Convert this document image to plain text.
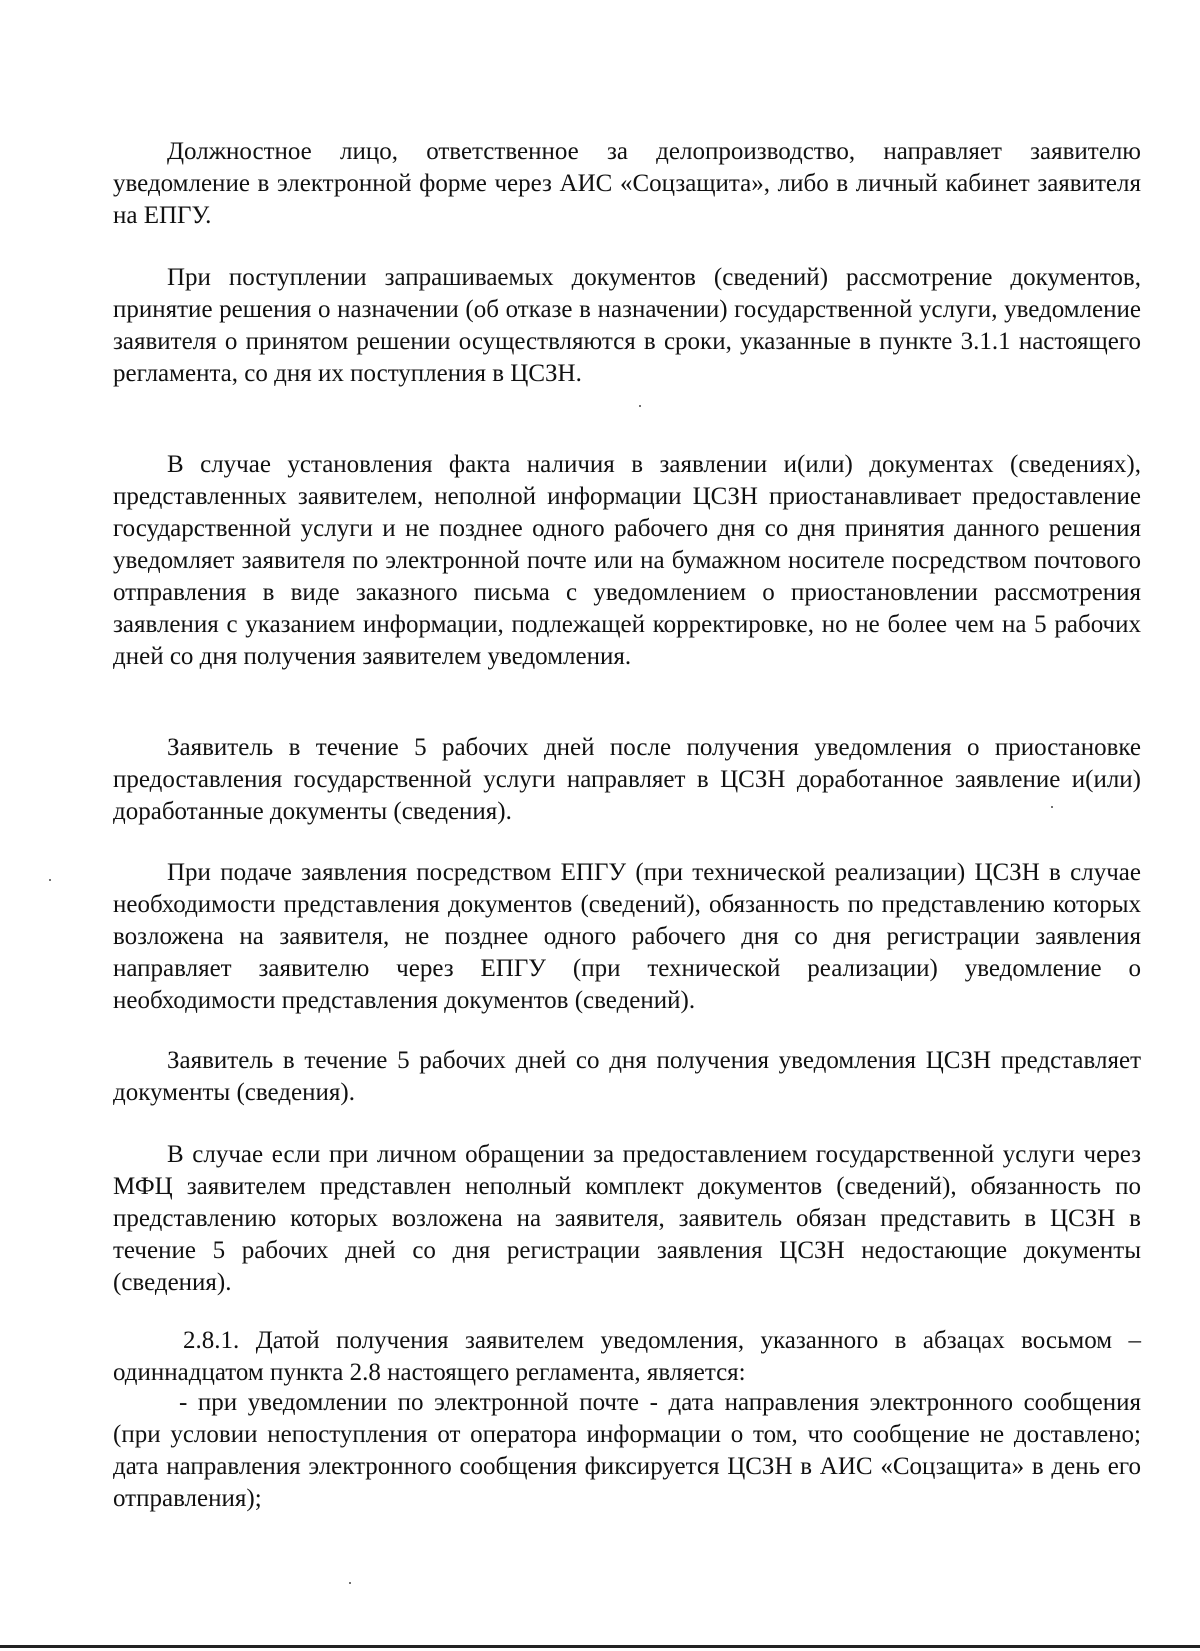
Должностное лицо, ответственное за делопроизводство, направляет заявителю уведомление в электронной форме через АИС «Соцзащита», либо в личный кабинет заявителя на ЕПГУ.

При поступлении запрашиваемых документов (сведений) рассмотрение документов, принятие решения о назначении (об отказе в назначении) государственной услуги, уведомление заявителя о принятом решении осуществляются в сроки, указанные в пункте 3.1.1 настоящего регламента, со дня их поступления в ЦСЗН.

В случае установления факта наличия в заявлении и(или) документах (сведениях), представленных заявителем, неполной информации ЦСЗН приостанавливает предоставление государственной услуги и не позднее одного рабочего дня со дня принятия данного решения уведомляет заявителя по электронной почте или на бумажном носителе посредством почтового отправления в виде заказного письма с уведомлением о приостановлении рассмотрения заявления с указанием информации, подлежащей корректировке, но не более чем на 5 рабочих дней со дня получения заявителем уведомления.

Заявитель в течение 5 рабочих дней после получения уведомления о приостановке предоставления государственной услуги направляет в ЦСЗН доработанное заявление и(или) доработанные документы (сведения).

При подаче заявления посредством ЕПГУ (при технической реализации) ЦСЗН в случае необходимости представления документов (сведений), обязанность по представлению которых возложена на заявителя, не позднее одного рабочего дня со дня регистрации заявления направляет заявителю через ЕПГУ (при технической реализации) уведомление о необходимости представления документов (сведений).

Заявитель в течение 5 рабочих дней со дня получения уведомления ЦСЗН представляет документы (сведения).

В случае если при личном обращении за предоставлением государственной услуги через МФЦ заявителем представлен неполный комплект документов (сведений), обязанность по представлению которых возложена на заявителя, заявитель обязан представить в ЦСЗН в течение 5 рабочих дней со дня регистрации заявления ЦСЗН недостающие документы (сведения).

2.8.1. Датой получения заявителем уведомления, указанного в абзацах восьмом – одиннадцатом пункта 2.8 настоящего регламента, является:

- при уведомлении по электронной почте - дата направления электронного сообщения (при условии непоступления от оператора информации о том, что сообщение не доставлено; дата направления электронного сообщения фиксируется ЦСЗН в АИС «Соцзащита» в день его отправления);
